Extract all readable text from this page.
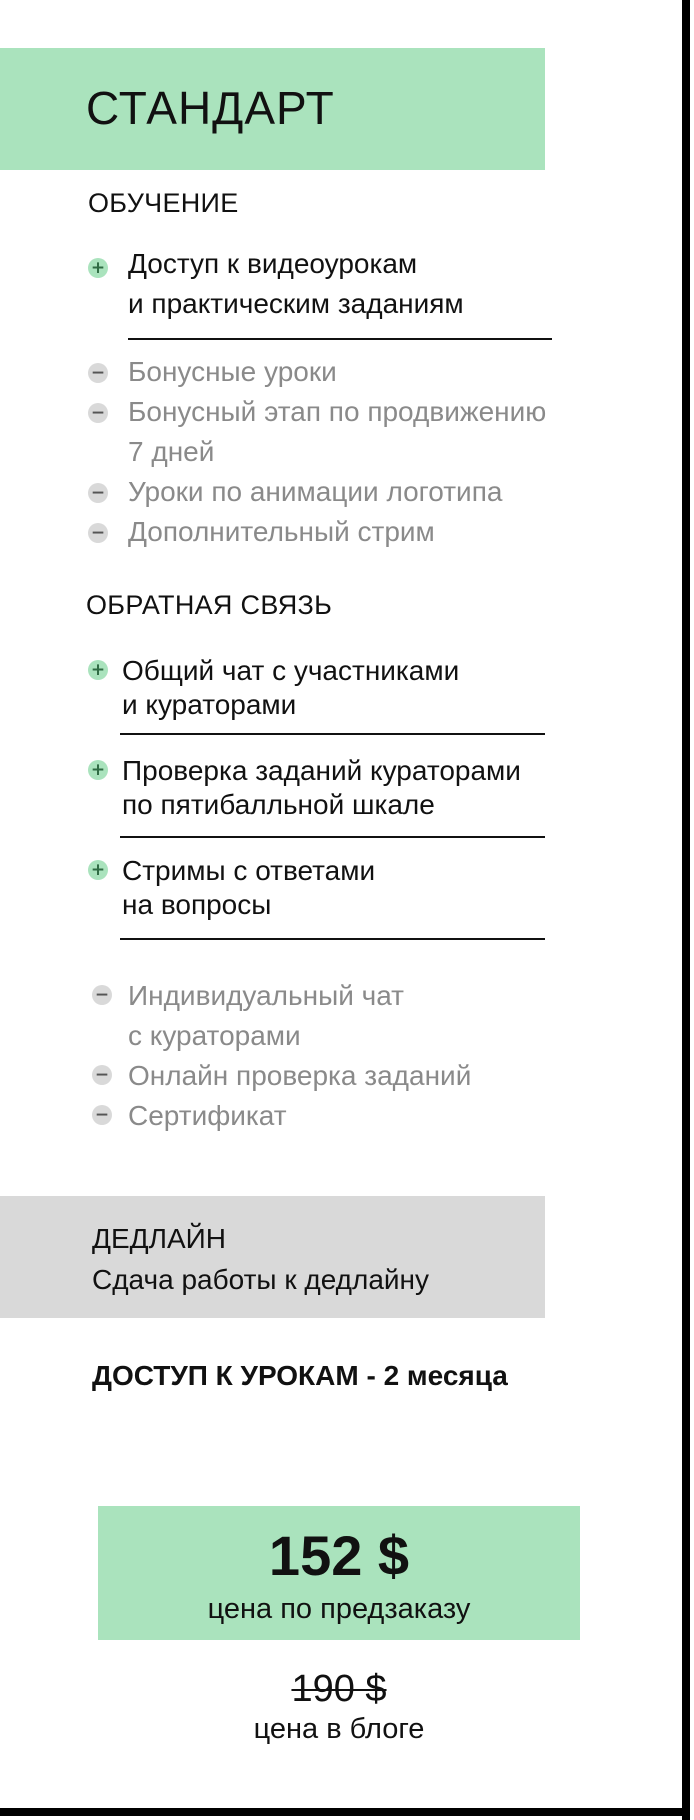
СТАНДАРТ
ОБУЧЕНИЕ
+ Доступ к видеоурокам
и практическим заданиям
− Бонусные уроки
− Бонусный этап по продвижению
7 дней
− Уроки по анимации логотипа
− Дополнительный стрим
ОБРАТНАЯ СВЯЗЬ
+ Общий чат с участниками
и кураторами
+ Проверка заданий кураторами
по пятибалльной шкале
+ Стримы с ответами
на вопросы
− Индивидуальный чат
с кураторами
− Онлайн проверка заданий
− Сертификат
ДЕДЛАЙН
Сдача работы к дедлайну
ДОСТУП К УРОКАМ - 2 месяца
152 $
цена по предзаказу
190 $
цена в блоге
